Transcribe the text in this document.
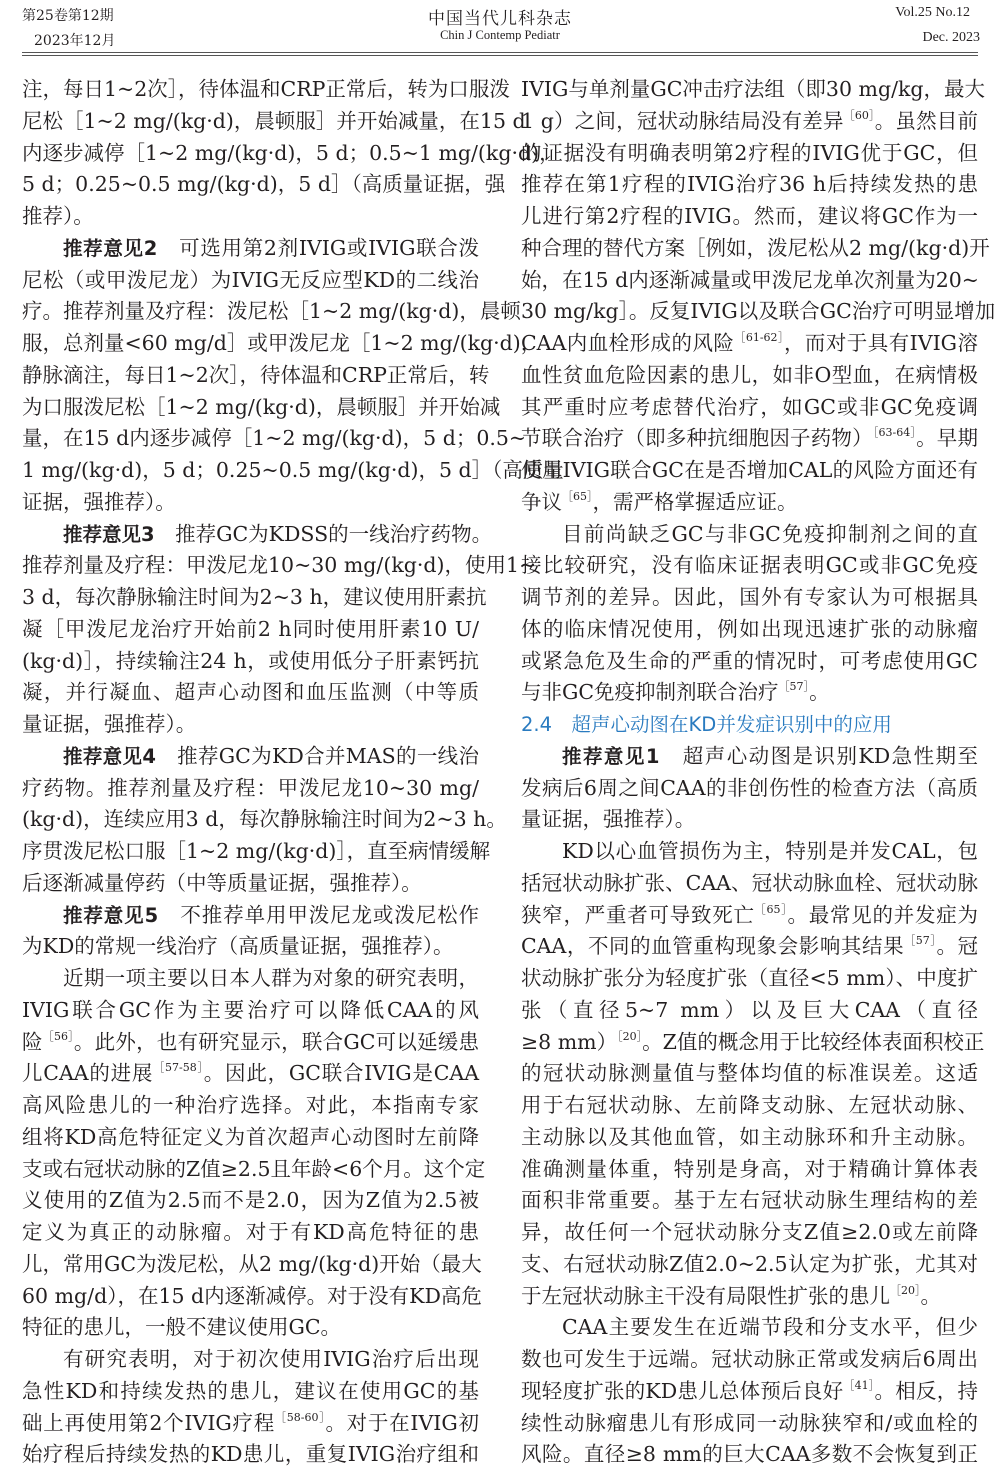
第25卷第12期
2023年12月
中国当代儿科杂志
Chin J Contemp Pediatr
Vol.25 No.12
Dec. 2023
注，每日1~2次］，待体温和CRP正常后，转为口服泼
尼松［1~2 mg/(kg·d)，晨顿服］并开始减量，在15 d
内逐步减停［1~2 mg/(kg·d)，5 d；0.5~1 mg/(kg·d)，
5 d；0.25~0.5 mg/(kg·d)，5 d］（高质量证据，强
推荐）。
推荐意见2　可选用第2剂IVIG或IVIG联合泼
尼松（或甲泼尼龙）为IVIG无反应型KD的二线治
疗。推荐剂量及疗程：泼尼松［1~2 mg/(kg·d)，晨顿
服，总剂量<60 mg/d］或甲泼尼龙［1~2 mg/(kg·d)，
静脉滴注，每日1~2次］，待体温和CRP正常后，转
为口服泼尼松［1~2 mg/(kg·d)，晨顿服］并开始减
量，在15 d内逐步减停［1~2 mg/(kg·d)，5 d；0.5~
1 mg/(kg·d)，5 d；0.25~0.5 mg/(kg·d)，5 d］（高质量
证据，强推荐）。
推荐意见3　推荐GC为KDSS的一线治疗药物。
推荐剂量及疗程：甲泼尼龙10~30 mg/(kg·d)，使用1~
3 d，每次静脉输注时间为2~3 h，建议使用肝素抗
凝［甲泼尼龙治疗开始前2 h同时使用肝素10 U/
(kg·d)］，持续输注24 h，或使用低分子肝素钙抗
凝，并行凝血、超声心动图和血压监测（中等质
量证据，强推荐）。
推荐意见4　推荐GC为KD合并MAS的一线治
疗药物。推荐剂量及疗程：甲泼尼龙10~30 mg/
(kg·d)，连续应用3 d，每次静脉输注时间为2~3 h。
序贯泼尼松口服［1~2 mg/(kg·d)］，直至病情缓解
后逐渐减量停药（中等质量证据，强推荐）。
推荐意见5　不推荐单用甲泼尼龙或泼尼松作
为KD的常规一线治疗（高质量证据，强推荐）。
近期一项主要以日本人群为对象的研究表明，
IVIG联合GC作为主要治疗可以降低CAA的风
险$^{[56]}$。此外，也有研究显示，联合GC可以延缓患
儿CAA的进展$^{[57-58]}$。因此，GC联合IVIG是CAA
高风险患儿的一种治疗选择。对此，本指南专家
组将KD高危特征定义为首次超声心动图时左前降
支或右冠状动脉的Z值≥2.5且年龄<6个月。这个定
义使用的Z值为2.5而不是2.0，因为Z值为2.5被
定义为真正的动脉瘤。对于有KD高危特征的患
儿，常用GC为泼尼松，从2 mg/(kg·d)开始（最大
60 mg/d），在15 d内逐渐减停。对于没有KD高危
特征的患儿，一般不建议使用GC。
有研究表明，对于初次使用IVIG治疗后出现
急性KD和持续发热的患儿，建议在使用GC的基
础上再使用第2个IVIG疗程$^{[58-60]}$。对于在IVIG初
始疗程后持续发热的KD患儿，重复IVIG治疗组和
IVIG与单剂量GC冲击疗法组（即30 mg/kg，最大
1 g）之间，冠状动脉结局没有差异$^{[60]}$。虽然目前
的证据没有明确表明第2疗程的IVIG优于GC，但
推荐在第1疗程的IVIG治疗36 h后持续发热的患
儿进行第2疗程的IVIG。然而，建议将GC作为一
种合理的替代方案［例如，泼尼松从2 mg/(kg·d)开
始，在15 d内逐渐减量或甲泼尼龙单次剂量为20~
30 mg/kg］。反复IVIG以及联合GC治疗可明显增加
CAA内血栓形成的风险$^{[61-62]}$，而对于具有IVIG溶
血性贫血危险因素的患儿，如非O型血，在病情极
其严重时应考虑替代治疗，如GC或非GC免疫调
节联合治疗（即多种抗细胞因子药物）$^{[63-64]}$。早期
使用IVIG联合GC在是否增加CAL的风险方面还有
争议$^{[65]}$，需严格掌握适应证。
目前尚缺乏GC与非GC免疫抑制剂之间的直
接比较研究，没有临床证据表明GC或非GC免疫
调节剂的差异。因此，国外有专家认为可根据具
体的临床情况使用，例如出现迅速扩张的动脉瘤
或紧急危及生命的严重的情况时，可考虑使用GC
与非GC免疫抑制剂联合治疗$^{[57]}$。
2.4　超声心动图在KD并发症识别中的应用
推荐意见1　超声心动图是识别KD急性期至
发病后6周之间CAA的非创伤性的检查方法（高质
量证据，强推荐）。
KD以心血管损伤为主，特别是并发CAL，包
括冠状动脉扩张、CAA、冠状动脉血栓、冠状动脉
狭窄，严重者可导致死亡$^{[65]}$。最常见的并发症为
CAA，不同的血管重构现象会影响其结果$^{[57]}$。冠
状动脉扩张分为轻度扩张（直径<5 mm）、中度扩
张（直径5~7 mm）以及巨大CAA（直径
≥8 mm）$^{[20]}$。Z值的概念用于比较经体表面积校正
的冠状动脉测量值与整体均值的标准误差。这适
用于右冠状动脉、左前降支动脉、左冠状动脉、
主动脉以及其他血管，如主动脉环和升主动脉。
准确测量体重，特别是身高，对于精确计算体表
面积非常重要。基于左右冠状动脉生理结构的差
异，故任何一个冠状动脉分支Z值≥2.0或左前降
支、右冠状动脉Z值2.0~2.5认定为扩张，尤其对
于左冠状动脉主干没有局限性扩张的患儿$^{[20]}$。
CAA主要发生在近端节段和分支水平，但少
数也可发生于远端。冠状动脉正常或发病后6周出
现轻度扩张的KD患儿总体预后良好$^{[41]}$。相反，持
续性动脉瘤患儿有形成同一动脉狭窄和/或血栓的
风险。直径≥8 mm的巨大CAA多数不会恢复到正
